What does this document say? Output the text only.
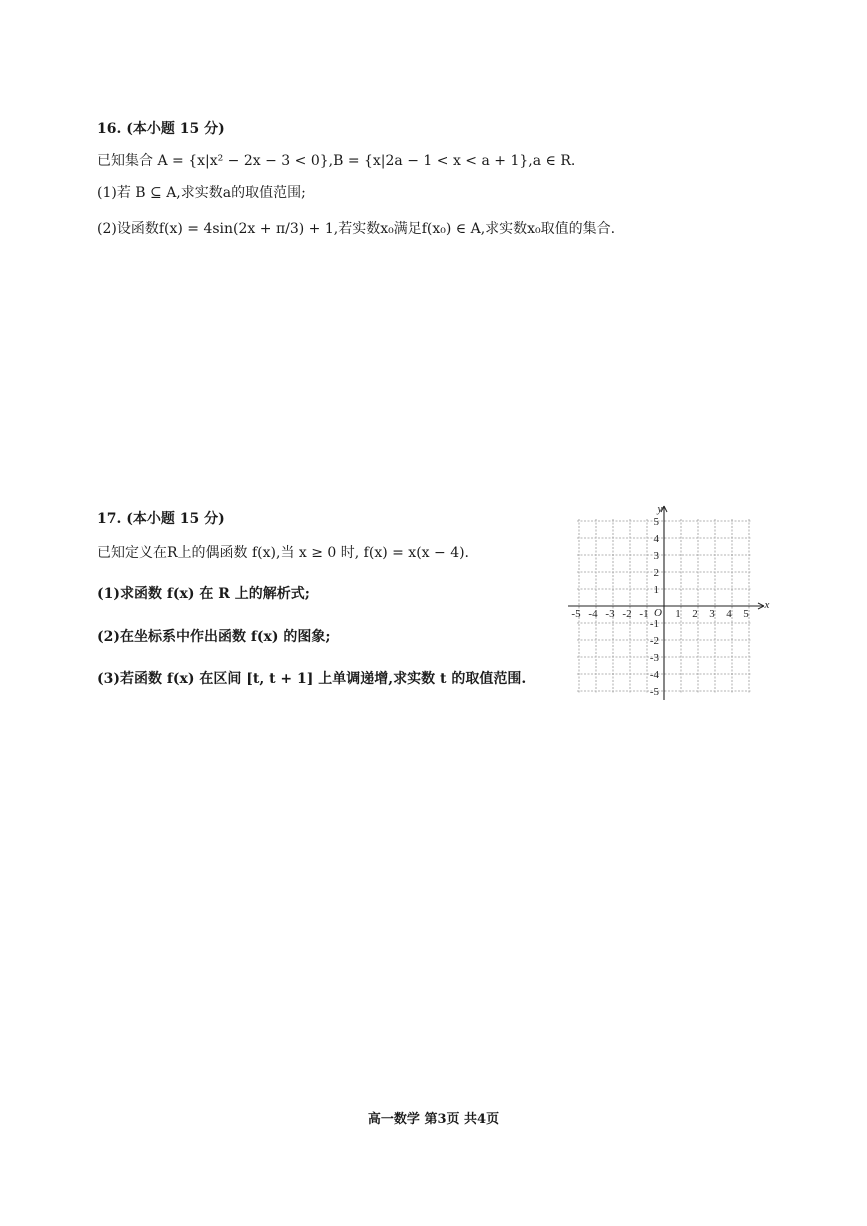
16. (本小题 15 分)
已知集合 A = {x|x² − 2x − 3 < 0},B = {x|2a − 1 < x < a + 1},a ∈ R.
(1)若 B ⊆ A,求实数a的取值范围;
(2)设函数f(x) = 4sin(2x + π/3) + 1,若实数x₀满足f(x₀) ∈ A,求实数x₀取值的集合.
17. (本小题 15 分)
已知定义在R上的偶函数 f(x),当 x ≥ 0 时, f(x) = x(x − 4).
(1)求函数 f(x) 在 R 上的解析式;
(2)在坐标系中作出函数 f(x) 的图象;
(3)若函数 f(x) 在区间 [t, t + 1] 上单调递增,求实数 t 的取值范围.
x
y
O
-5 -4 -3 -2 -1 1 2 3 4 5
5
4
3
2
1
-1
-2
-3
-4
-5
高一数学 第3页 共4页
